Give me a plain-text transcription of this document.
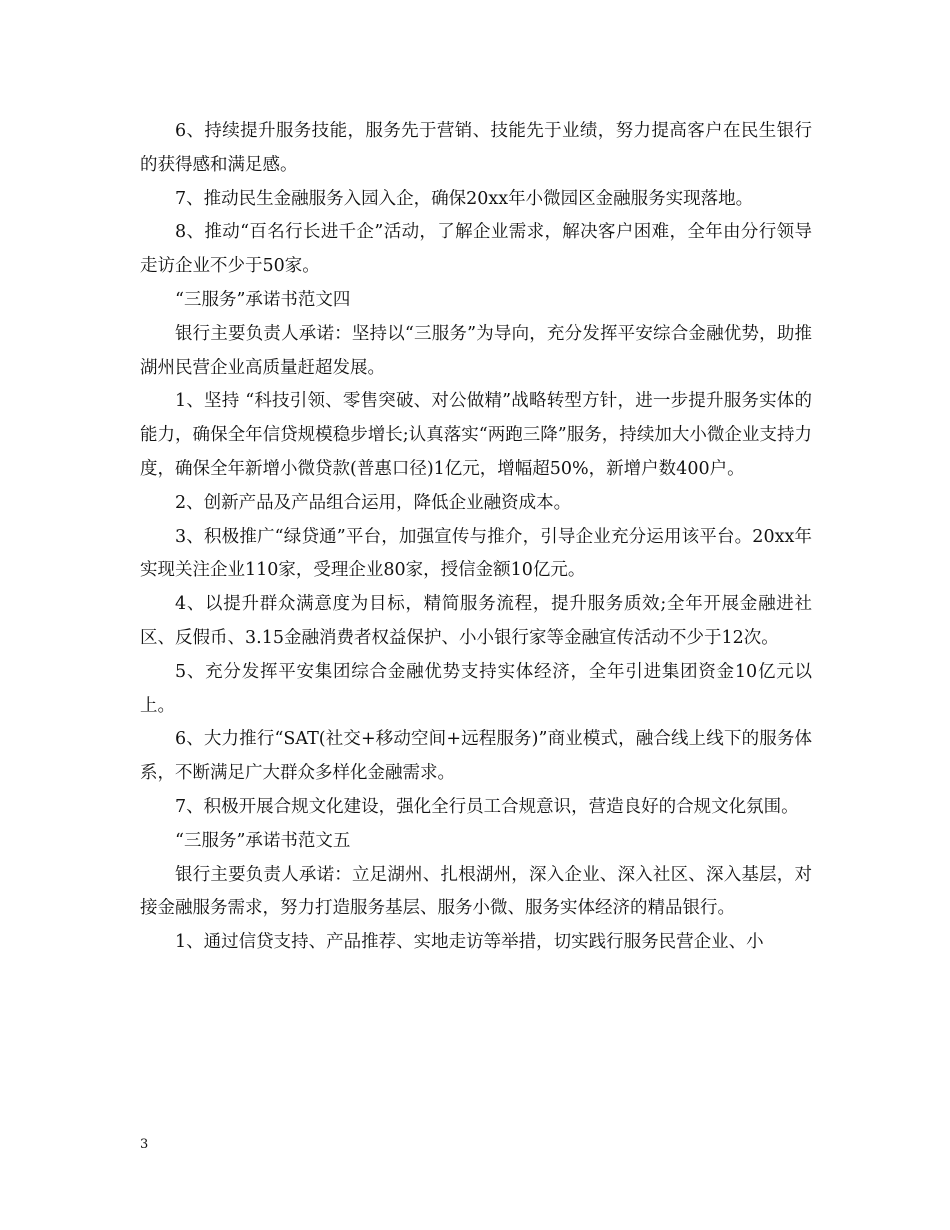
6、持续提升服务技能，服务先于营销、技能先于业绩，努力提高客户在民生银行的获得感和满足感。

7、推动民生金融服务入园入企，确保20xx年小微园区金融服务实现落地。

8、推动“百名行长进千企”活动，了解企业需求，解决客户困难，全年由分行领导走访企业不少于50家。

“三服务”承诺书范文四

银行主要负责人承诺：坚持以“三服务”为导向，充分发挥平安综合金融优势，助推湖州民营企业高质量赶超发展。

1、坚持 “科技引领、零售突破、对公做精”战略转型方针，进一步提升服务实体的能力，确保全年信贷规模稳步增长;认真落实“两跑三降”服务，持续加大小微企业支持力度，确保全年新增小微贷款(普惠口径)1亿元，增幅超50%，新增户数400户。

2、创新产品及产品组合运用，降低企业融资成本。

3、积极推广“绿贷通”平台，加强宣传与推介，引导企业充分运用该平台。20xx年实现关注企业110家，受理企业80家，授信金额10亿元。

4、以提升群众满意度为目标，精简服务流程，提升服务质效;全年开展金融进社区、反假币、3.15金融消费者权益保护、小小银行家等金融宣传活动不少于12次。

5、充分发挥平安集团综合金融优势支持实体经济，全年引进集团资金10亿元以上。

6、大力推行“SAT(社交+移动空间+远程服务)”商业模式，融合线上线下的服务体系，不断满足广大群众多样化金融需求。

7、积极开展合规文化建设，强化全行员工合规意识，营造良好的合规文化氛围。

“三服务”承诺书范文五

银行主要负责人承诺：立足湖州、扎根湖州，深入企业、深入社区、深入基层，对接金融服务需求，努力打造服务基层、服务小微、服务实体经济的精品银行。

1、通过信贷支持、产品推荐、实地走访等举措，切实践行服务民营企业、小

3
